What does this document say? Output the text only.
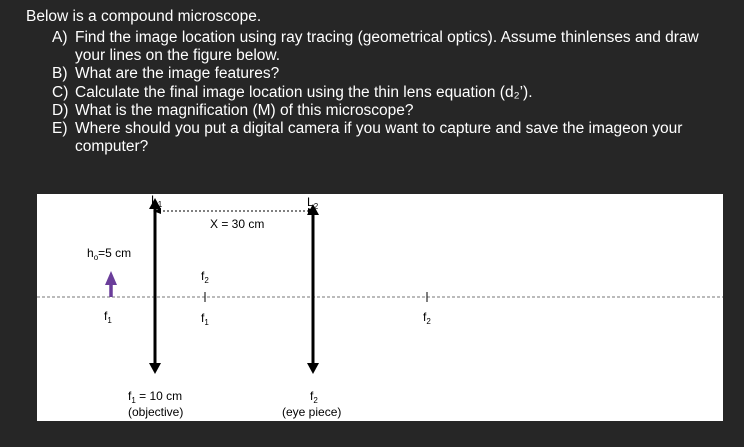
Below is a compound microscope.
A) Find the image location using ray tracing (geometrical optics). Assume thinlenses and draw your lines on the figure below.
B) What are the image features?
C) Calculate the final image location using the thin lens equation (d₂’).
D) What is the magnification (M) of this microscope?
E) Where should you put a digital camera if you want to capture and save the imageon your computer?
$L_1$	$L_2$
X = 30 cm
$h_o=5$ cm
$f_1$
$f_2$
$f_1$	$f_2$
$f_1 = 10$ cm
(objective)
$f_2$
(eye piece)
